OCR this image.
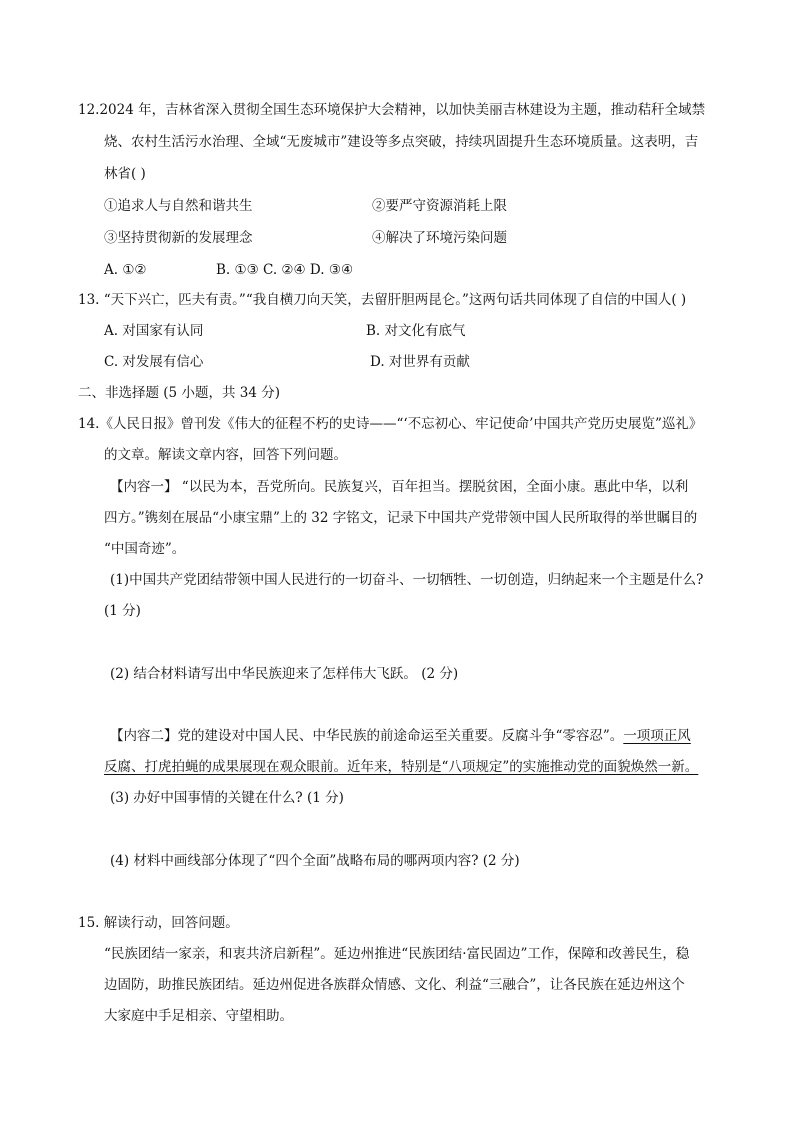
12.2024 年，吉林省深入贯彻全国生态环境保护大会精神，以加快美丽吉林建设为主题，推动秸秆全域禁
烧、农村生活污水治理、全域“无废城市”建设等多点突破，持续巩固提升生态环境质量。这表明，吉
林省( )
①追求人与自然和谐共生	②要严守资源消耗上限
③坚持贯彻新的发展理念	④解决了环境污染问题
A. ①②	B. ①③ C. ②④ D. ③④
13. “天下兴亡，匹夫有责。”“我自横刀向天笑，去留肝胆两昆仑。”这两句话共同体现了自信的中国人( )
A. 对国家有认同	B. 对文化有底气
C. 对发展有信心	D. 对世界有贡献
二、非选择题 (5 小题，共 34 分)
14.《人民日报》曾刊发《伟大的征程不朽的史诗——“‘不忘初心、牢记使命’中国共产党历史展览”巡礼》
的文章。解读文章内容，回答下列问题。
【内容一】 “以民为本，吾党所向。民族复兴，百年担当。摆脱贫困，全面小康。惠此中华，以利
四方。”镌刻在展品“小康宝鼎”上的 32 字铭文，记录下中国共产党带领中国人民所取得的举世瞩目的
“中国奇迹”。
(1)中国共产党团结带领中国人民进行的一切奋斗、一切牺牲、一切创造，归纳起来一个主题是什么?
(1 分)
(2) 结合材料请写出中华民族迎来了怎样伟大飞跃。 (2 分)
【内容二】党的建设对中国人民、中华民族的前途命运至关重要。反腐斗争“零容忍”。一项项正风
反腐、打虎拍蝇的成果展现在观众眼前。近年来，特别是“八项规定”的实施推动党的面貌焕然一新。
(3) 办好中国事情的关键在什么? (1 分)
(4) 材料中画线部分体现了“四个全面”战略布局的哪两项内容? (2 分)
15. 解读行动，回答问题。
“民族团结一家亲，和衷共济启新程”。延边州推进“民族团结·富民固边”工作，保障和改善民生，稳
边固防，助推民族团结。延边州促进各族群众情感、文化、利益“三融合”，让各民族在延边州这个
大家庭中手足相亲、守望相助。
